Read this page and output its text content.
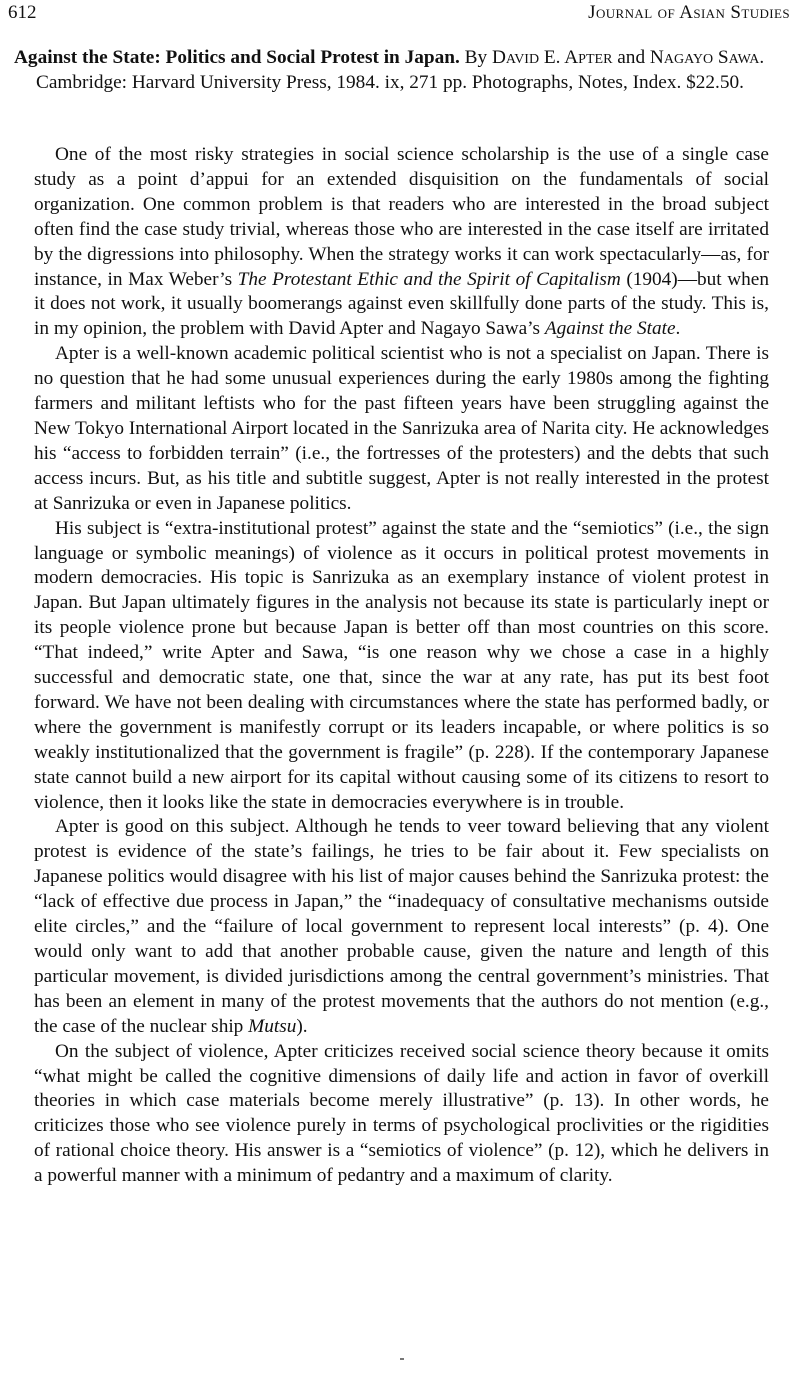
612	Journal of Asian Studies
Against the State: Politics and Social Protest in Japan. By David E. Apter and Nagayo Sawa. Cambridge: Harvard University Press, 1984. ix, 271 pp. Photographs, Notes, Index. $22.50.

One of the most risky strategies in social science scholarship is the use of a single case study as a point d’appui for an extended disquisition on the fundamentals of social organization. One common problem is that readers who are interested in the broad subject often find the case study trivial, whereas those who are interested in the case itself are irritated by the digressions into philosophy. When the strategy works it can work spectacularly—as, for instance, in Max Weber’s The Protestant Ethic and the Spirit of Capitalism (1904)—but when it does not work, it usually boomerangs against even skillfully done parts of the study. This is, in my opinion, the problem with David Apter and Nagayo Sawa’s Against the State.

Apter is a well-known academic political scientist who is not a specialist on Japan. There is no question that he had some unusual experiences during the early 1980s among the fighting farmers and militant leftists who for the past fifteen years have been struggling against the New Tokyo International Airport located in the Sanrizuka area of Narita city. He acknowledges his “access to forbidden terrain” (i.e., the fortresses of the protesters) and the debts that such access incurs. But, as his title and subtitle suggest, Apter is not really interested in the protest at Sanrizuka or even in Japanese politics.

His subject is “extra-institutional protest” against the state and the “semiotics” (i.e., the sign language or symbolic meanings) of violence as it occurs in political protest movements in modern democracies. His topic is Sanrizuka as an exemplary instance of violent protest in Japan. But Japan ultimately figures in the analysis not because its state is particularly inept or its people violence prone but because Japan is better off than most countries on this score. “That indeed,” write Apter and Sawa, “is one reason why we chose a case in a highly successful and democratic state, one that, since the war at any rate, has put its best foot forward. We have not been dealing with circumstances where the state has performed badly, or where the government is manifestly corrupt or its leaders incapable, or where politics is so weakly institutionalized that the government is fragile” (p. 228). If the contemporary Japanese state cannot build a new airport for its capital without causing some of its citizens to resort to violence, then it looks like the state in democracies everywhere is in trouble.

Apter is good on this subject. Although he tends to veer toward believing that any violent protest is evidence of the state’s failings, he tries to be fair about it. Few specialists on Japanese politics would disagree with his list of major causes behind the Sanrizuka protest: the “lack of effective due process in Japan,” the “inadequacy of consultative mechanisms outside elite circles,” and the “failure of local government to represent local interests” (p. 4). One would only want to add that another probable cause, given the nature and length of this particular movement, is divided jurisdictions among the central government’s ministries. That has been an element in many of the protest movements that the authors do not mention (e.g., the case of the nuclear ship Mutsu).

On the subject of violence, Apter criticizes received social science theory because it omits “what might be called the cognitive dimensions of daily life and action in favor of overkill theories in which case materials become merely illustrative” (p. 13). In other words, he criticizes those who see violence purely in terms of psychological proclivities or the rigidities of rational choice theory. His answer is a “semiotics of violence” (p. 12), which he delivers in a powerful manner with a minimum of pedantry and a maximum of clarity.
